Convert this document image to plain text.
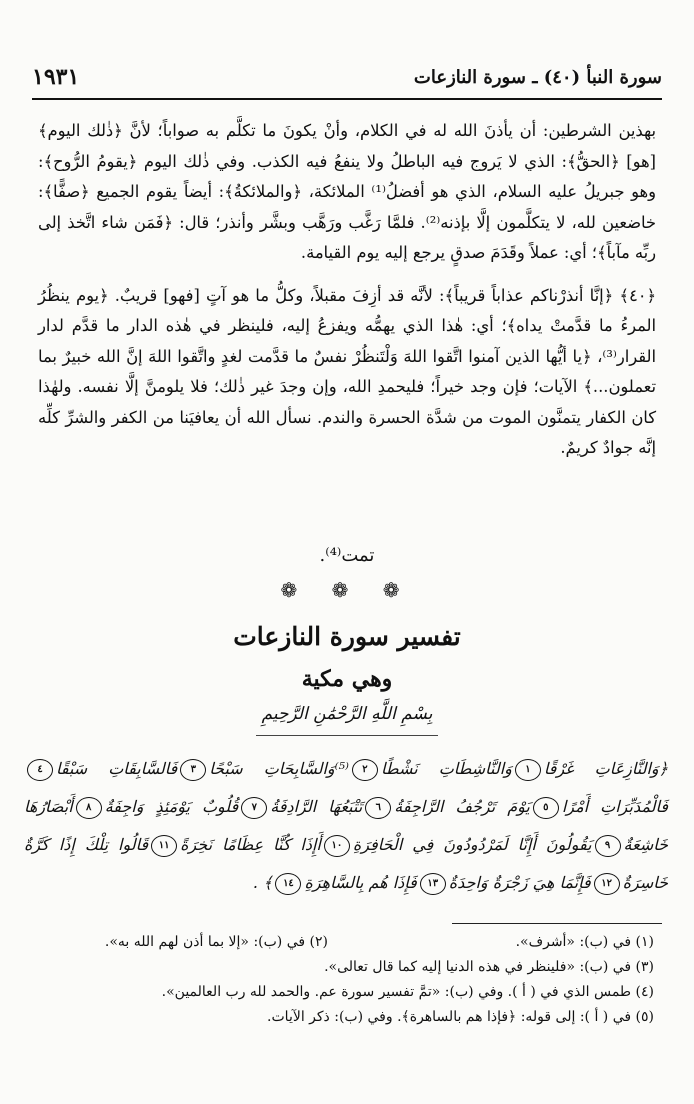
١٩٣١	سورة النبأ (٤٠) ـ سورة النازعات

بهذين الشرطين: أن يأذنَ الله له في الكلام، وأنْ يكونَ ما تكلَّم به صواباً؛ لأنَّ ﴿ذٰلك اليوم﴾ [هو] ﴿الحقُّ﴾: الذي لا يَروج فيه الباطلُ ولا ينفعُ فيه الكذب. وفي ذٰلك اليوم ﴿يقومُ الرُّوح﴾: وهو جبريلُ عليه السلام، الذي هو أفضلُ⁽¹⁾ الملائكة، ﴿والملائكةُ﴾: أيضاً يقوم الجميع ﴿صفًّا﴾: خاضعين لله، لا يتكلَّمون إلَّا بإذنه⁽²⁾. فلمَّا رَغَّب ورَهَّب وبشَّر وأنذر؛ قال: ﴿فَمَن شاء اتَّخذ إلى ربِّه مآباً﴾؛ أي: عملاً وقَدَمَ صدقٍ يرجع إليه يوم القيامة.

﴿٤٠﴾ ﴿إنَّا أنذرْناكم عذاباً قريباً﴾: لأنَّه قد أزِفَ مقبلاً، وكلُّ ما هو آتٍ [فهو] قريبٌ. ﴿يوم ينظُرُ المرءُ ما قدَّمتْ يداه﴾؛ أي: هٰذا الذي يهمُّه ويفزعُ إليه، فلينظر في هٰذه الدار ما قدَّم لدار القرار⁽³⁾، ﴿يا أيُّها الذين آمنوا اتَّقوا اللهَ وَلْتَنظُرْ نفسٌ ما قدَّمت لغدٍ واتَّقوا اللهَ إنَّ الله خبيرٌ بما تعملون...﴾ الآيات؛ فإن وجد خيراً؛ فليحمدِ الله، وإن وجدَ غير ذٰلك؛ فلا يلومنَّ إلَّا نفسه. ولهٰذا كان الكفار يتمنَّون الموت من شدَّة الحسرة والندم. نسأل الله أن يعافيَنا من الكفر والشرِّ كلِّه إنَّه جوادٌ كريمٌ.

تمت⁽⁴⁾.
❁ ❁ ❁
تفسير سورة النازعات
وهي مكية
بِسْمِ اللَّهِ الرَّحْمَٰنِ الرَّحِيمِ
﴿وَالنَّازِعَاتِ غَرْقًا١وَالنَّاشِطَاتِ نَشْطًا٢⁽⁵⁾وَالسَّابِحَاتِ سَبْحًا٣فَالسَّابِقَاتِ سَبْقًا٤فَالْمُدَبِّرَاتِ أَمْرًا٥يَوْمَ تَرْجُفُ الرَّاجِفَةُ٦تَتْبَعُهَا الرَّادِفَةُ٧قُلُوبٌ يَوْمَئِذٍ وَاجِفَةٌ٨أَبْصَارُهَا خَاشِعَةٌ٩يَقُولُونَ أَإِنَّا لَمَرْدُودُونَ فِي الْحَافِرَةِ١٠أَإِذَا كُنَّا عِظَامًا نَخِرَةً١١قَالُوا تِلْكَ إِذًا كَرَّةٌ خَاسِرَةٌ١٢فَإِنَّمَا هِيَ زَجْرَةٌ وَاحِدَةٌ١٣فَإِذَا هُم بِالسَّاهِرَةِ١٤﴾ .
(١) في (ب): «أشرف».
(٢) في (ب): «إلا بما أذن لهم الله به».
(٣) في (ب): «فلينظر في هذه الدنيا إليه كما قال تعالى».
(٤) طمس الذي في ( أ ). وفي (ب): «تمَّ تفسير سورة عم. والحمد لله رب العالمين».
(٥) في ( أ ): إلى قوله: ﴿فإذا هم بالساهرة﴾. وفي (ب): ذكر الآيات.
